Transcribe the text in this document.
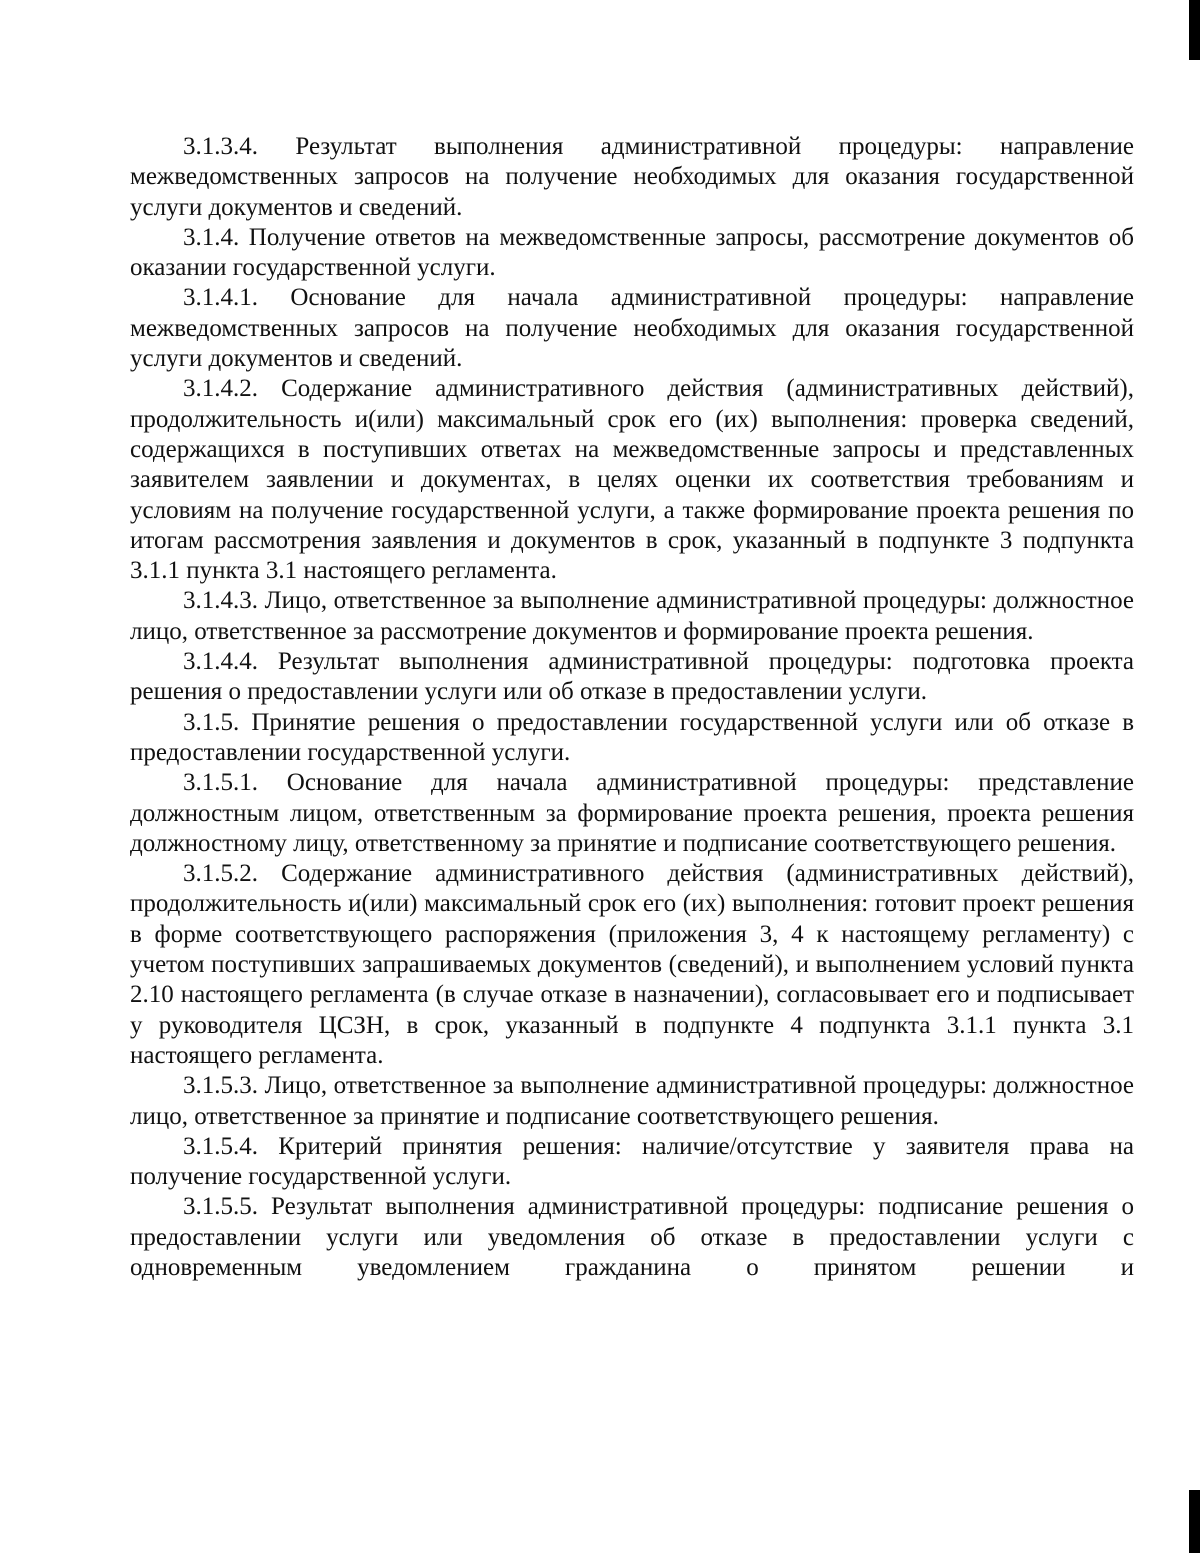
3.1.3.4. Результат выполнения административной процедуры: направление межведомственных запросов на получение необходимых для оказания государственной услуги документов и сведений.

3.1.4. Получение ответов на межведомственные запросы, рассмотрение документов об оказании государственной услуги.

3.1.4.1. Основание для начала административной процедуры: направление межведомственных запросов на получение необходимых для оказания государственной услуги документов и сведений.

3.1.4.2. Содержание административного действия (административных действий), продолжительность и(или) максимальный срок его (их) выполнения: проверка сведений, содержащихся в поступивших ответах на межведомственные запросы и представленных заявителем заявлении и документах, в целях оценки их соответствия требованиям и условиям на получение государственной услуги, а также формирование проекта решения по итогам рассмотрения заявления и документов в срок, указанный в подпункте 3 подпункта 3.1.1 пункта 3.1 настоящего регламента.

3.1.4.3. Лицо, ответственное за выполнение административной процедуры: должностное лицо, ответственное за рассмотрение документов и формирование проекта решения.

3.1.4.4. Результат выполнения административной процедуры: подготовка проекта решения о предоставлении услуги или об отказе в предоставлении услуги.

3.1.5. Принятие решения о предоставлении государственной услуги или об отказе в предоставлении государственной услуги.

3.1.5.1. Основание для начала административной процедуры: представление должностным лицом, ответственным за формирование проекта решения, проекта решения должностному лицу, ответственному за принятие и подписание соответствующего решения.

3.1.5.2. Содержание административного действия (административных действий), продолжительность и(или) максимальный срок его (их) выполнения: готовит проект решения в форме соответствующего распоряжения (приложения 3, 4 к настоящему регламенту) с учетом поступивших запрашиваемых документов (сведений), и выполнением условий пункта 2.10 настоящего регламента (в случае отказе в назначении), согласовывает его и подписывает у руководителя ЦСЗН, в срок, указанный в подпункте 4 подпункта 3.1.1 пункта 3.1 настоящего регламента.

3.1.5.3. Лицо, ответственное за выполнение административной процедуры: должностное лицо, ответственное за принятие и подписание соответствующего решения.

3.1.5.4. Критерий принятия решения: наличие/отсутствие у заявителя права на получение государственной услуги.

3.1.5.5. Результат выполнения административной процедуры: подписание решения о предоставлении услуги или уведомления об отказе в предоставлении услуги с одновременным уведомлением гражданина о принятом решении и
